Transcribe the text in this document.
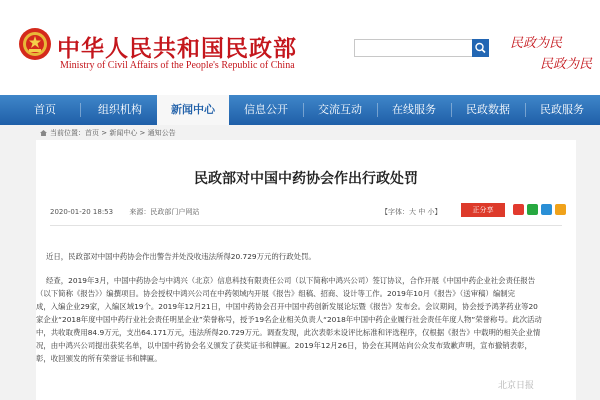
中华人民共和国民政部
Ministry of Civil Affairs of the People's Republic of China
民政为民
民政为民
首页	组织机构	新闻中心	信息公开	交流互动	在线服务	民政数据	民政服务
当前位置：首页 > 新闻中心 > 通知公告
民政部对中国中药协会作出行政处罚
2020-01-20 18:53 来源：民政部门户网站	【字体：大 中 小】	正分享
近日，民政部对中国中药协会作出警告并处没收违法所得20.729万元的行政处罚。
经查，2019年3月，中国中药协会与中鸿兴（北京）信息科技有限责任公司（以下简称中鸿兴公司）签订协议，合作开展《中国中药企业社会责任报告
（以下简称《报告》）编撰项目。协会授权中鸿兴公司在中药领域内开展《报告》组稿、招商、设计等工作。2019年10月《报告》（送审稿）编制完
成，入编企业29家，入编区域19个。2019年12月21日，中国中药协会召开中国中药创新发展论坛暨《报告》发布会。会议期间，协会授予鸿茅药业等20
家企业“2018年度中国中药行业社会责任明星企业”荣誉称号，授予19名企业相关负责人“2018年中国中药企业履行社会责任年度人物”荣誉称号。此次活动
中，共收取费用84.9万元，支出64.171万元，违法所得20.729万元。调查发现，此次表彰未设评比标准和评选程序，仅根据《报告》中载明的相关企业情
况，由中鸿兴公司提出获奖名单，以中国中药协会名义颁发了获奖证书和牌匾。2019年12月26日，协会在其网站向公众发布致歉声明，宣布撤销表彰，
彰，收回颁发的所有荣誉证书和牌匾。
北京日报
